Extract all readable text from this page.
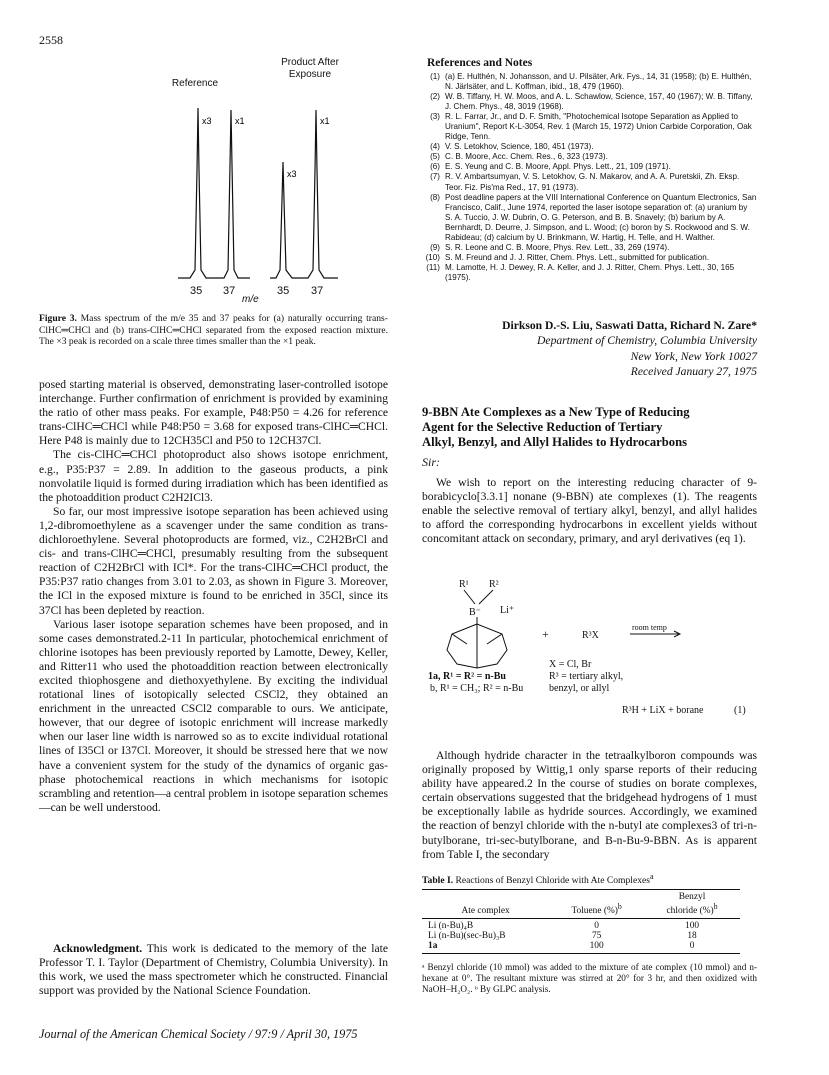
2558
Reference
Product After
Exposure
x3	x1
x3
x1
35 37	35 37
m/e
Figure 3. Mass spectrum of the m/e 35 and 37 peaks for (a) naturally occurring trans-ClHC═CHCl and (b) trans-ClHC═CHCl separated from the exposed reaction mixture. The ×3 peak is recorded on a scale three times smaller than the ×1 peak.

posed starting material is observed, demonstrating laser-controlled isotope interchange. Further confirmation of enrichment is provided by examining the ratio of other mass peaks. For example, P48:P50 = 4.26 for reference trans-ClHC═CHCl while P48:P50 = 3.68 for exposed trans-ClHC═CHCl. Here P48 is mainly due to 12CH35Cl and P50 to 12CH37Cl.

The cis-ClHC═CHCl photoproduct also shows isotope enrichment, e.g., P35:P37 = 2.89. In addition to the gaseous products, a pink nonvolatile liquid is formed during irradiation which has been identified as the photoaddition product C2H2ICl3.

So far, our most impressive isotope separation has been achieved using 1,2-dibromoethylene as a scavenger under the same condition as trans-dichloroethylene. Several photoproducts are formed, viz., C2H2BrCl and cis- and trans-ClHC═CHCl, presumably resulting from the subsequent reaction of C2H2BrCl with ICl*. For the trans-ClHC═CHCl product, the P35:P37 ratio changes from 3.01 to 2.03, as shown in Figure 3. Moreover, the ICl in the exposed mixture is found to be enriched in 35Cl, since its 37Cl has been depleted by reaction.

Various laser isotope separation schemes have been proposed, and in some cases demonstrated.2-11 In particular, photochemical enrichment of chlorine isotopes has been previously reported by Lamotte, Dewey, Keller, and Ritter11 who used the photoaddition reaction between electronically excited thiophosgene and diethoxyethylene. By exciting the individual rotational lines of isotopically selected CSCl2, they obtained an enrichment in the unreacted CSCl2 comparable to ours. We anticipate, however, that our degree of isotopic enrichment will increase markedly when our laser line width is narrowed so as to excite individual rotational lines of I35Cl or I37Cl. Moreover, it should be stressed here that we now have a convenient system for the study of the dynamics of organic gas-phase photochemical reactions in which mechanisms for isotopic scrambling and retention—a central problem in isotope separation schemes—can be well understood.

Acknowledgment. This work is dedicated to the memory of the late Professor T. I. Taylor (Department of Chemistry, Columbia University). In this work, we used the mass spectrometer which he constructed. Financial support was provided by the National Science Foundation.

References and Notes
(1) (a) E. Hulthén, N. Johansson, and U. Pilsäter, Ark. Fys., 14, 31 (1958); (b) E. Hulthén, N. Järlsäter, and L. Koffman, ibid., 18, 479 (1960).
(2) W. B. Tiffany, H. W. Moos, and A. L. Schawlow, Science, 157, 40 (1967); W. B. Tiffany, J. Chem. Phys., 48, 3019 (1968).
(3) R. L. Farrar, Jr., and D. F. Smith, "Photochemical Isotope Separation as Applied to Uranium", Report K-L-3054, Rev. 1 (March 15, 1972) Union Carbide Corporation, Oak Ridge, Tenn.
(4) V. S. Letokhov, Science, 180, 451 (1973).
(5) C. B. Moore, Acc. Chem. Res., 6, 323 (1973).
(6) E. S. Yeung and C. B. Moore, Appl. Phys. Lett., 21, 109 (1971).
(7) R. V. Ambartsumyan, V. S. Letokhov, G. N. Makarov, and A. A. Puretskii, Zh. Eksp. Teor. Fiz. Pis'ma Red., 17, 91 (1973).
(8) Post deadline papers at the VIII International Conference on Quantum Electronics, San Francisco, Calif., June 1974, reported the laser isotope separation of: (a) uranium by S. A. Tuccio, J. W. Dubrin, O. G. Peterson, and B. B. Snavely; (b) barium by A. Bernhardt, D. Deurre, J. Simpson, and L. Wood; (c) boron by S. Rockwood and S. W. Rabideau; (d) calcium by U. Brinkmann, W. Hartig, H. Telle, and H. Walther.
(9) S. R. Leone and C. B. Moore, Phys. Rev. Lett., 33, 269 (1974).
(10) S. M. Freund and J. J. Ritter, Chem. Phys. Lett., submitted for publication.
(11) M. Lamotte, H. J. Dewey, R. A. Keller, and J. J. Ritter, Chem. Phys. Lett., 30, 165 (1975).
Dirkson D.-S. Liu, Saswati Datta, Richard N. Zare*
Department of Chemistry, Columbia University
New York, New York 10027
Received January 27, 1975
9-BBN Ate Complexes as a New Type of Reducing
Agent for the Selective Reduction of Tertiary
Alkyl, Benzyl, and Allyl Halides to Hydrocarbons
Sir:

We wish to report on the interesting reducing character of 9-borabicyclo[3.3.1] nonane (9-BBN) ate complexes (1). The reagents enable the selective removal of tertiary alkyl, benzyl, and allyl halides to afford the corresponding hydrocarbons in excellent yields without concomitant attack on secondary, primary, and aryl derivatives (eq 1).

R¹ R²
B⁻ Li⁺
+	R³X
room temp
X = Cl, Br
R³ = tertiary alkyl,
benzyl, or allyl
1a, R¹ = R² = n-Bu
b, R¹ = CH₃; R² = n-Bu
R³H + LiX + borane	(1)

Although hydride character in the tetraalkylboron compounds was originally proposed by Wittig,1 only sparse reports of their reducing ability have appeared.2 In the course of studies on borate complexes, certain observations suggested that the bridgehead hydrogens of 1 must be exceptionally labile as hydride sources. Accordingly, we examined the reaction of benzyl chloride with the n-butyl ate complexes3 of tri-n-butylborane, tri-sec-butylborane, and B-n-Bu-9-BBN. As is apparent from Table I, the secondary

Table I. Reactions of Benzyl Chloride with Ate Complexes$^a$
Ate complex	Toluene (%)$^b$	Benzyl
chloride (%)$^b$

Li (n-Bu)₄B	0	100
Li (n-Bu)(sec-Bu)₃B	75	18
1a	100	0

ᵃ Benzyl chloride (10 mmol) was added to the mixture of ate complex (10 mmol) and n-hexane at 0°. The resultant mixture was stirred at 20° for 3 hr, and then oxidized with NaOH–H₂O₂. ᵇ By GLPC analysis.
Journal of the American Chemical Society / 97:9 / April 30, 1975
